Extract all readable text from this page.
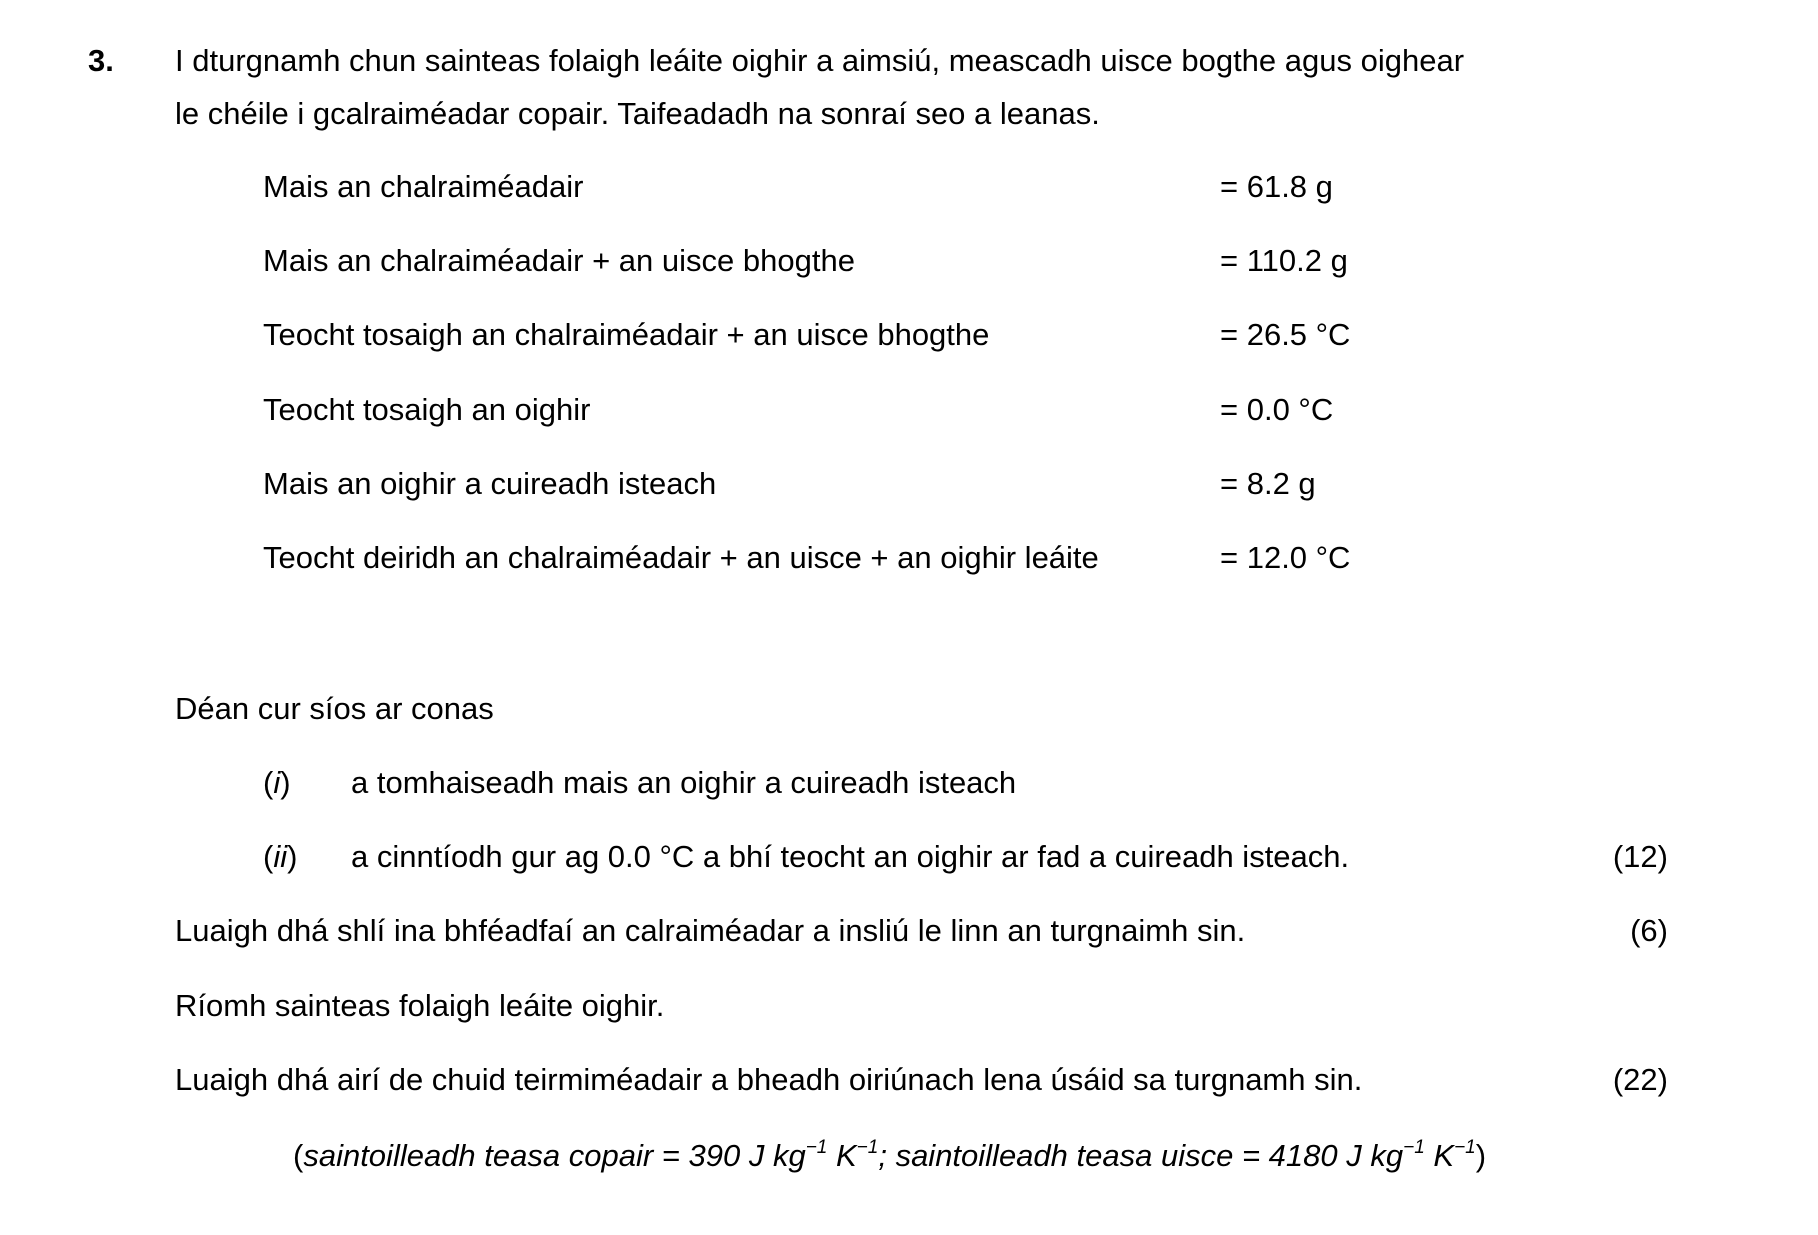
3. I dturgnamh chun sainteas folaigh leáite oighir a aimsiú, meascadh uisce bogthe agus oighear
le chéile i gcalraiméadar copair. Taifeadadh na sonraí seo a leanas.
Mais an chalraiméadair	= 61.8 g
Mais an chalraiméadair + an uisce bhogthe	= 110.2 g
Teocht tosaigh an chalraiméadair + an uisce bhogthe	= 26.5 °C
Teocht tosaigh an oighir	= 0.0 °C
Mais an oighir a cuireadh isteach	= 8.2 g
Teocht deiridh an chalraiméadair + an uisce + an oighir leáite	= 12.0 °C
Déan cur síos ar conas
(i) a tomhaiseadh mais an oighir a cuireadh isteach
(ii) a cinntíodh gur ag 0.0 °C a bhí teocht an oighir ar fad a cuireadh isteach.	(12)
Luaigh dhá shlí ina bhféadfaí an calraiméadar a insliú le linn an turgnaimh sin.	(6)
Ríomh sainteas folaigh leáite oighir.
Luaigh dhá airí de chuid teirmiméadair a bheadh oiriúnach lena úsáid sa turgnamh sin.	(22)
(saintoilleadh teasa copair = 390 J $kg^{-1}$ $K^{-1}$; saintoilleadh teasa uisce = 4180 J $kg^{-1}$ $K^{-1}$)
